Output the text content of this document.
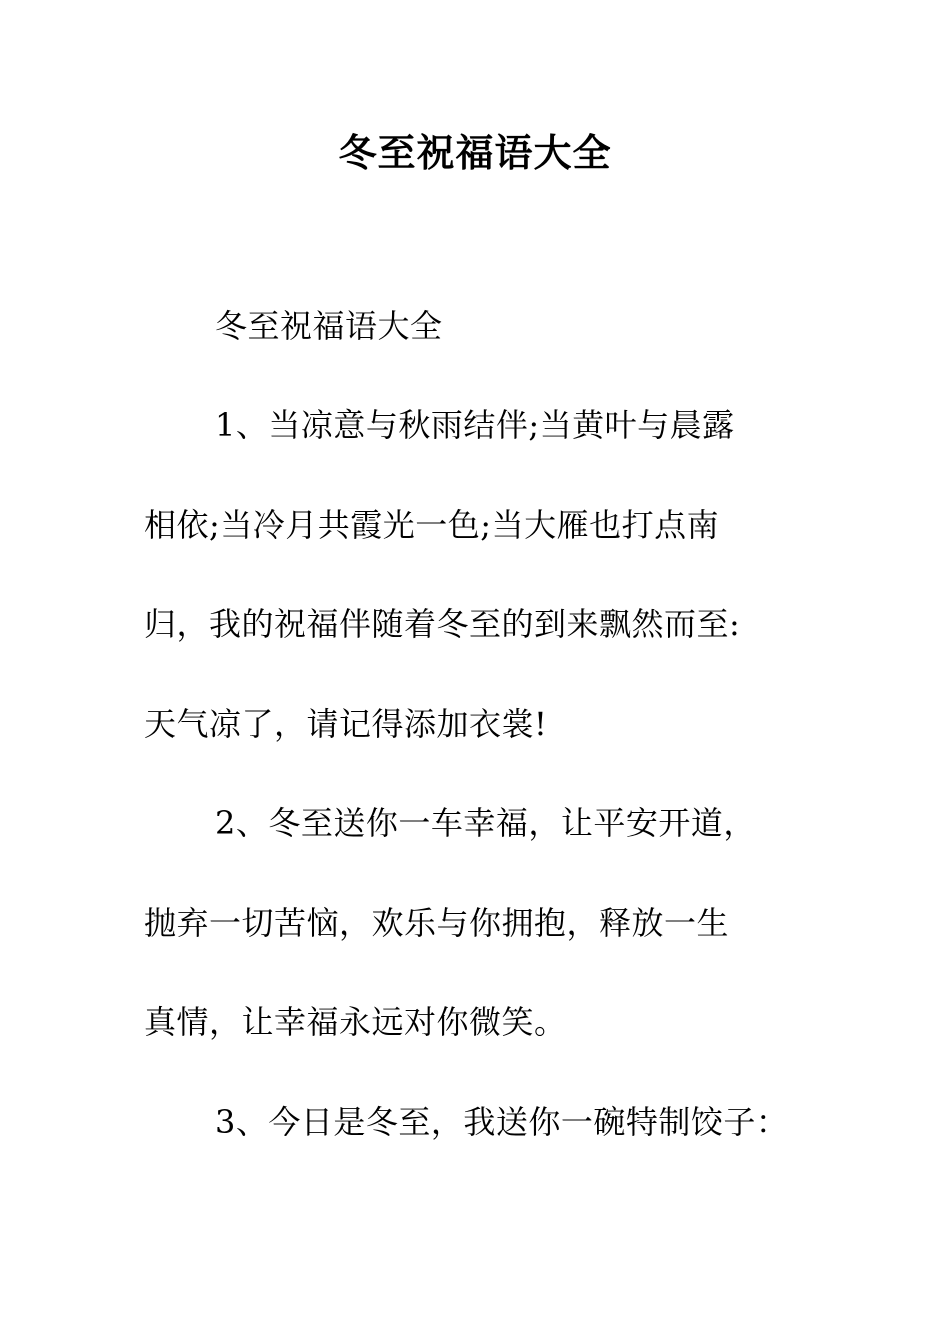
冬至祝福语大全
冬至祝福语大全
1、当凉意与秋雨结伴;当黄叶与晨露
相依;当冷月共霞光一色;当大雁也打点南
归，我的祝福伴随着冬至的到来飘然而至:
天气凉了，请记得添加衣裳!
2、冬至送你一车幸福，让平安开道，
抛弃一切苦恼，欢乐与你拥抱，释放一生
真情，让幸福永远对你微笑。
3、今日是冬至，我送你一碗特制饺子：
